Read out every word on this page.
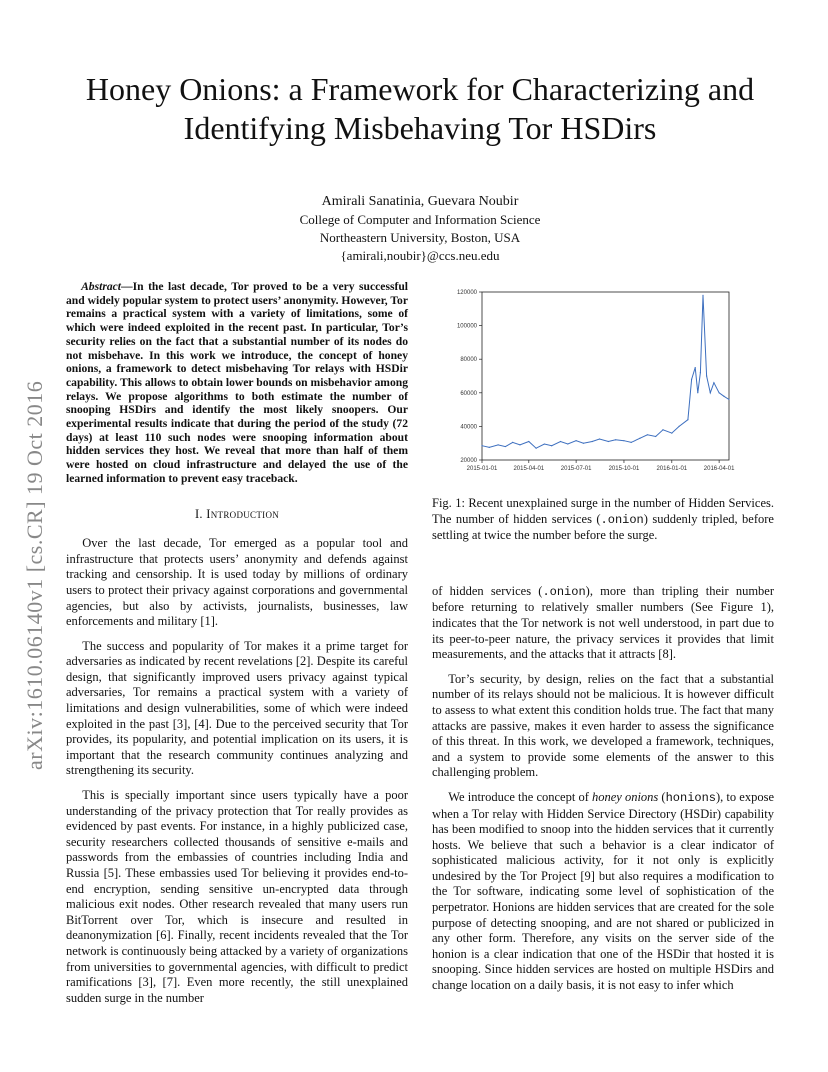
Honey Onions: a Framework for Characterizing and Identifying Misbehaving Tor HSDirs
Amirali Sanatinia, Guevara Noubir
College of Computer and Information Science
Northeastern University, Boston, USA
{amirali,noubir}@ccs.neu.edu
arXiv:1610.06140v1 [cs.CR] 19 Oct 2016

Abstract—In the last decade, Tor proved to be a very successful and widely popular system to protect users’ anonymity. However, Tor remains a practical system with a variety of limitations, some of which were indeed exploited in the recent past. In particular, Tor’s security relies on the fact that a substantial number of its nodes do not misbehave. In this work we introduce, the concept of honey onions, a framework to detect misbehaving Tor relays with HSDir capability. This allows to obtain lower bounds on misbehavior among relays. We propose algorithms to both estimate the number of snooping HSDirs and identify the most likely snoopers. Our experimental results indicate that during the period of the study (72 days) at least 110 such nodes were snooping information about hidden services they host. We reveal that more than half of them were hosted on cloud infrastructure and delayed the use of the learned information to prevent easy traceback.

I. Introduction

Over the last decade, Tor emerged as a popular tool and infrastructure that protects users’ anonymity and defends against tracking and censorship. It is used today by millions of ordinary users to protect their privacy against corporations and governmental agencies, but also by activists, journalists, businesses, law enforcements and military [1].

The success and popularity of Tor makes it a prime target for adversaries as indicated by recent revelations [2]. Despite its careful design, that significantly improved users privacy against typical adversaries, Tor remains a practical system with a variety of limitations and design vulnerabilities, some of which were indeed exploited in the past [3], [4]. Due to the perceived security that Tor provides, its popularity, and potential implication on its users, it is important that the research community continues analyzing and strengthening its security.

This is specially important since users typically have a poor understanding of the privacy protection that Tor really provides as evidenced by past events. For instance, in a highly publicized case, security researchers collected thousands of sensitive e-mails and passwords from the embassies of countries including India and Russia [5]. These embassies used Tor believing it provides end-to-end encryption, sending sensitive un-encrypted data through malicious exit nodes. Other research revealed that many users run BitTorrent over Tor, which is insecure and resulted in deanonymization [6]. Finally, recent incidents revealed that the Tor network is continuously being attacked by a variety of organizations from universities to governmental agencies, with difficult to predict ramifications [3], [7]. Even more recently, the still unexplained sudden surge in the number

20000
40000
60000
80000
100000
120000
2015-01-01	2015-04-01	2015-07-01	2015-10-01	2016-01-01	2016-04-01

Fig. 1: Recent unexplained surge in the number of Hidden Services. The number of hidden services (.onion) suddenly tripled, before settling at twice the number before the surge.

of hidden services (.onion), more than tripling their number before returning to relatively smaller numbers (See Figure 1), indicates that the Tor network is not well understood, in part due to its peer-to-peer nature, the privacy services it provides that limit measurements, and the attacks that it attracts [8].

Tor’s security, by design, relies on the fact that a substantial number of its relays should not be malicious. It is however difficult to assess to what extent this condition holds true. The fact that many attacks are passive, makes it even harder to assess the significance of this threat. In this work, we developed a framework, techniques, and a system to provide some elements of the answer to this challenging problem.

We introduce the concept of honey onions (honions), to expose when a Tor relay with Hidden Service Directory (HSDir) capability has been modified to snoop into the hidden services that it currently hosts. We believe that such a behavior is a clear indicator of sophisticated malicious activity, for it not only is explicitly undesired by the Tor Project [9] but also requires a modification to the Tor software, indicating some level of sophistication of the perpetrator. Honions are hidden services that are created for the sole purpose of detecting snooping, and are not shared or publicized in any other form. Therefore, any visits on the server side of the honion is a clear indication that one of the HSDir that hosted it is snooping. Since hidden services are hosted on multiple HSDirs and change location on a daily basis, it is not easy to infer which
